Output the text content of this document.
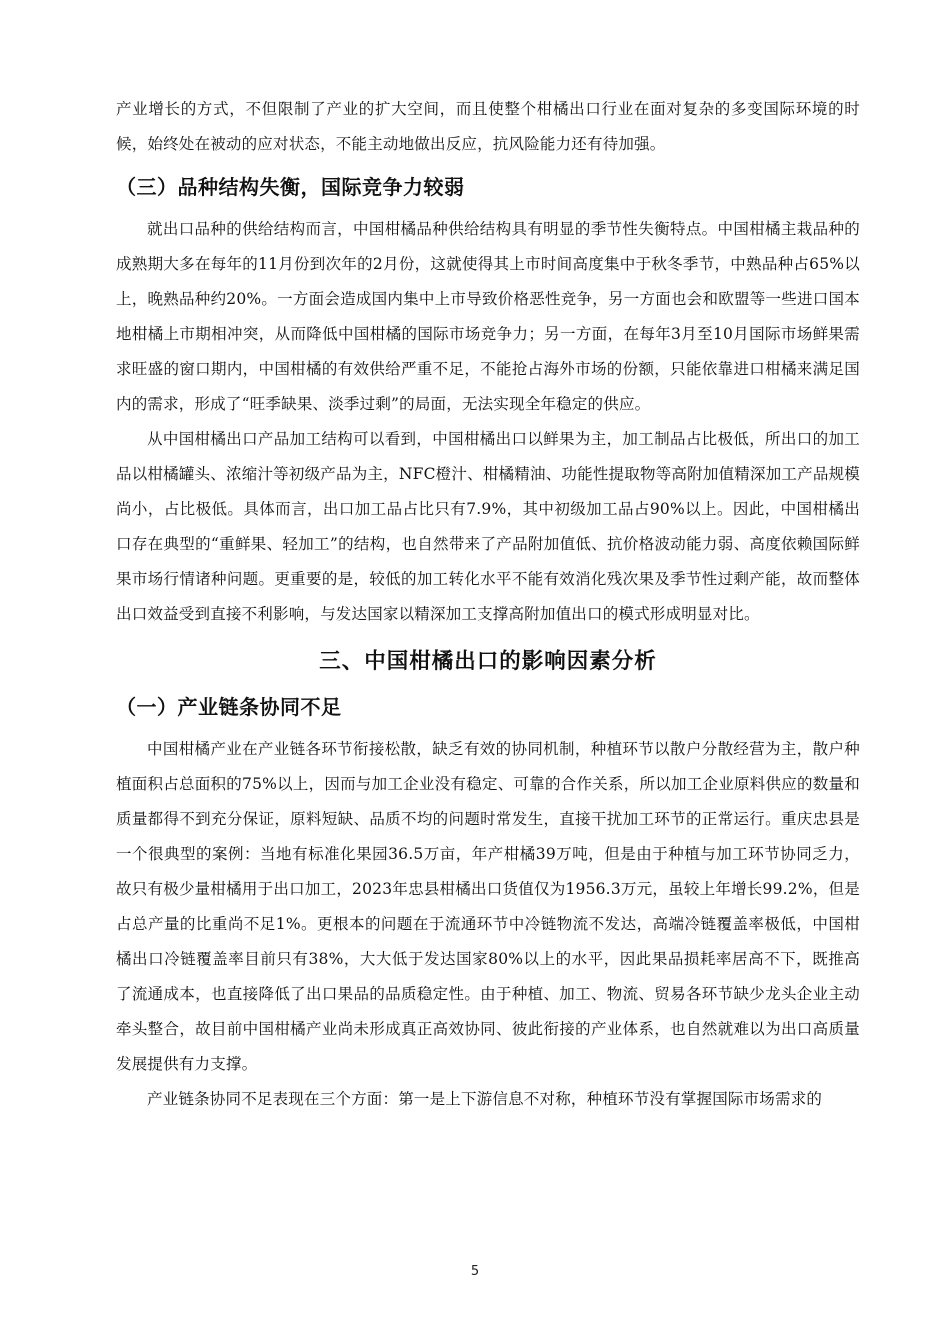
产业增长的方式，不但限制了产业的扩大空间，而且使整个柑橘出口行业在面对复杂的多变国际环境的时候，始终处在被动的应对状态，不能主动地做出反应，抗风险能力还有待加强。

（三）品种结构失衡，国际竞争力较弱

就出口品种的供给结构而言，中国柑橘品种供给结构具有明显的季节性失衡特点。中国柑橘主栽品种的成熟期大多在每年的11月份到次年的2月份，这就使得其上市时间高度集中于秋冬季节，中熟品种占65%以上，晚熟品种约20%。一方面会造成国内集中上市导致价格恶性竞争，另一方面也会和欧盟等一些进口国本地柑橘上市期相冲突，从而降低中国柑橘的国际市场竞争力；另一方面，在每年3月至10月国际市场鲜果需求旺盛的窗口期内，中国柑橘的有效供给严重不足，不能抢占海外市场的份额，只能依靠进口柑橘来满足国内的需求，形成了“旺季缺果、淡季过剩”的局面，无法实现全年稳定的供应。

从中国柑橘出口产品加工结构可以看到，中国柑橘出口以鲜果为主，加工制品占比极低，所出口的加工品以柑橘罐头、浓缩汁等初级产品为主，NFC橙汁、柑橘精油、功能性提取物等高附加值精深加工产品规模尚小，占比极低。具体而言，出口加工品占比只有7.9%，其中初级加工品占90%以上。因此，中国柑橘出口存在典型的“重鲜果、轻加工”的结构，也自然带来了产品附加值低、抗价格波动能力弱、高度依赖国际鲜果市场行情诸种问题。更重要的是，较低的加工转化水平不能有效消化残次果及季节性过剩产能，故而整体出口效益受到直接不利影响，与发达国家以精深加工支撑高附加值出口的模式形成明显对比。

三、中国柑橘出口的影响因素分析
（一）产业链条协同不足

中国柑橘产业在产业链各环节衔接松散，缺乏有效的协同机制，种植环节以散户分散经营为主，散户种植面积占总面积的75%以上，因而与加工企业没有稳定、可靠的合作关系，所以加工企业原料供应的数量和质量都得不到充分保证，原料短缺、品质不均的问题时常发生，直接干扰加工环节的正常运行。重庆忠县是一个很典型的案例：当地有标准化果园36.5万亩，年产柑橘39万吨，但是由于种植与加工环节协同乏力，故只有极少量柑橘用于出口加工，2023年忠县柑橘出口货值仅为1956.3万元，虽较上年增长99.2%，但是占总产量的比重尚不足1%。更根本的问题在于流通环节中冷链物流不发达，高端冷链覆盖率极低，中国柑橘出口冷链覆盖率目前只有38%，大大低于发达国家80%以上的水平，因此果品损耗率居高不下，既推高了流通成本，也直接降低了出口果品的品质稳定性。由于种植、加工、物流、贸易各环节缺少龙头企业主动牵头整合，故目前中国柑橘产业尚未形成真正高效协同、彼此衔接的产业体系，也自然就难以为出口高质量发展提供有力支撑。

产业链条协同不足表现在三个方面：第一是上下游信息不对称，种植环节没有掌握国际市场需求的

5
